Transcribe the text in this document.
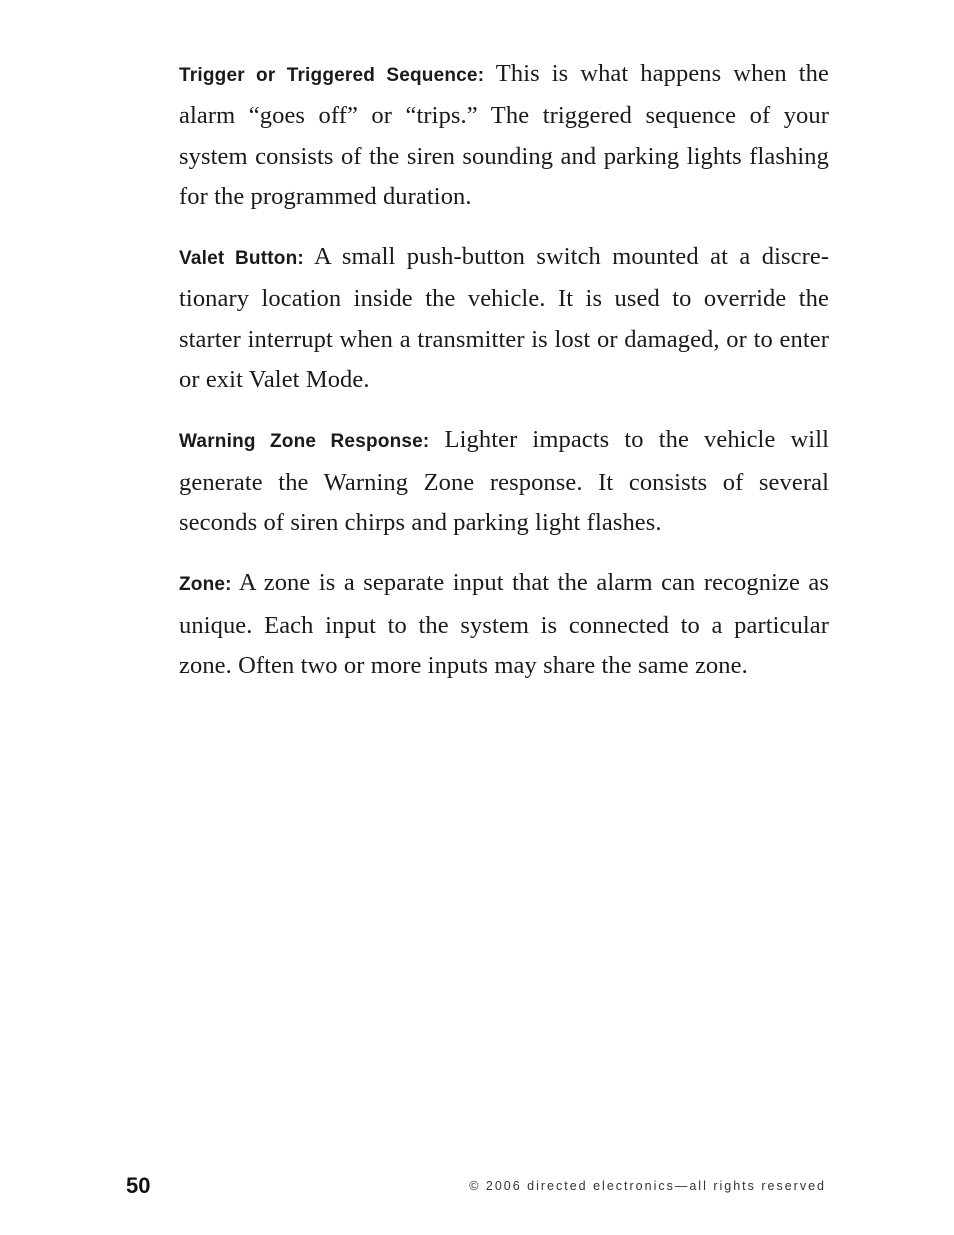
Trigger or Triggered Sequence: This is what happens when the alarm “goes off” or “trips.” The triggered sequence of your system consists of the siren sounding and parking lights flashing for the programmed duration.

Valet Button: A small push-button switch mounted at a discretionary location inside the vehicle. It is used to override the starter interrupt when a transmitter is lost or damaged, or to enter or exit Valet Mode.

Warning Zone Response: Lighter impacts to the vehicle will generate the Warning Zone response. It consists of several seconds of siren chirps and parking light flashes.

Zone: A zone is a separate input that the alarm can recognize as unique. Each input to the system is connected to a particular zone. Often two or more inputs may share the same zone.

50	© 2006 directed electronics—all rights reserved
